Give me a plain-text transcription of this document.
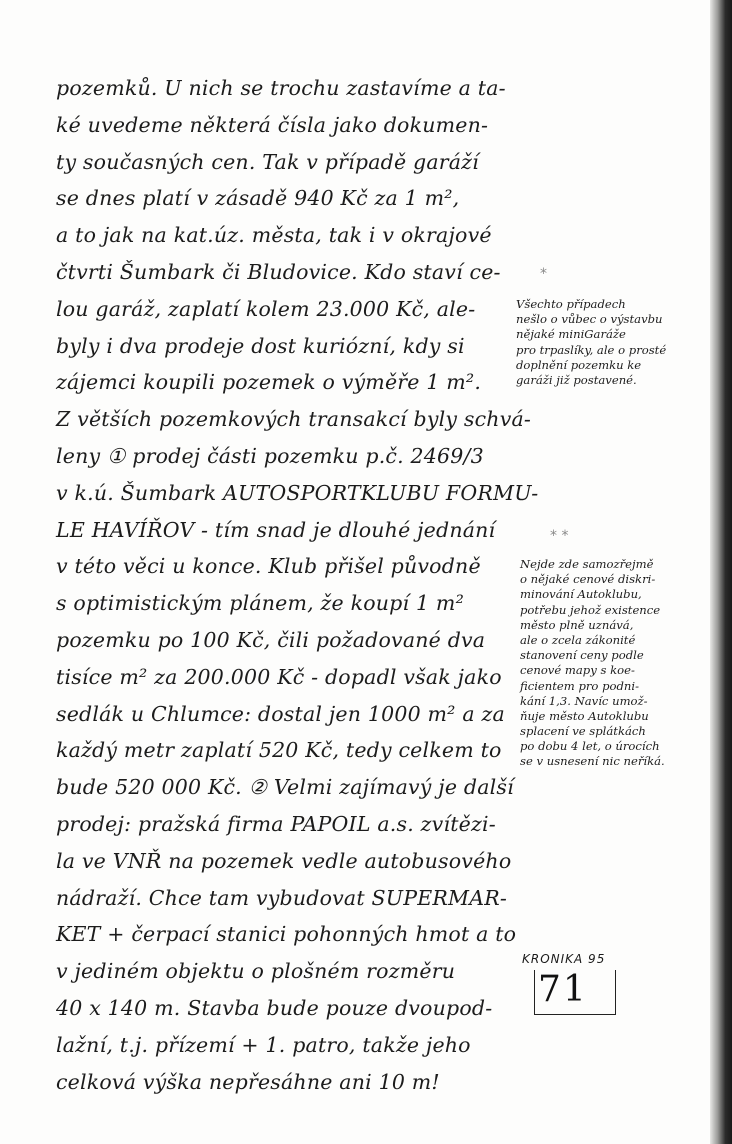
pozemků. U nich se trochu zastavíme a ta-
ké uvedeme některá čísla jako dokumen-
ty současných cen. Tak v případě garáží
se dnes platí v zásadě 940 Kč za 1 m²,
a to jak na kat.úz. města, tak i v okrajové
čtvrti Šumbark či Bludovice. Kdo staví ce-
lou garáž, zaplatí kolem 23.000 Kč, ale-
byly i dva prodeje dost kuriózní, kdy si
zájemci koupili pozemek o výměře 1 m².
Z větších pozemkových transakcí byly schvá-
leny ① prodej části pozemku p.č. 2469/3
v k.ú. Šumbark AUTOSPORTKLUBU FORMU-
LE HAVÍŘOV - tím snad je dlouhé jednání
v této věci u konce. Klub přišel původně
s optimistickým plánem, že koupí 1 m²
pozemku po 100 Kč, čili požadované dva
tisíce m² za 200.000 Kč - dopadl však jako
sedlák u Chlumce: dostal jen 1000 m² a za
každý metr zaplatí 520 Kč, tedy celkem to
bude 520 000 Kč. ② Velmi zajímavý je další
prodej: pražská firma PAPOIL a.s. zvítězi-
la ve VNŘ na pozemek vedle autobusového
nádraží. Chce tam vybudovat SUPERMAR-
KET + čerpací stanici pohonných hmot a to
v jediném objektu o plošném rozměru
40 x 140 m. Stavba bude pouze dvoupod-
lažní, t.j. přízemí + 1. patro, takže jeho
celková výška nepřesáhne ani 10 m!
*
Všechto případech
nešlo o vůbec o výstavbu
nějaké miniGaráže
pro trpaslíky, ale o prosté
doplnění pozemku ke
garáži již postavené.
* *
Nejde zde samozřejmě
o nějaké cenové diskri-
minování Autoklubu,
potřebu jehož existence
město plně uznává,
ale o zcela zákonité
stanovení ceny podle
cenové mapy s koe-
ficientem pro podni-
kání 1,3. Navíc umož-
ňuje město Autoklubu
splacení ve splátkách
po dobu 4 let, o úrocích
se v usnesení nic neříká.
KRONIKA 95
71
